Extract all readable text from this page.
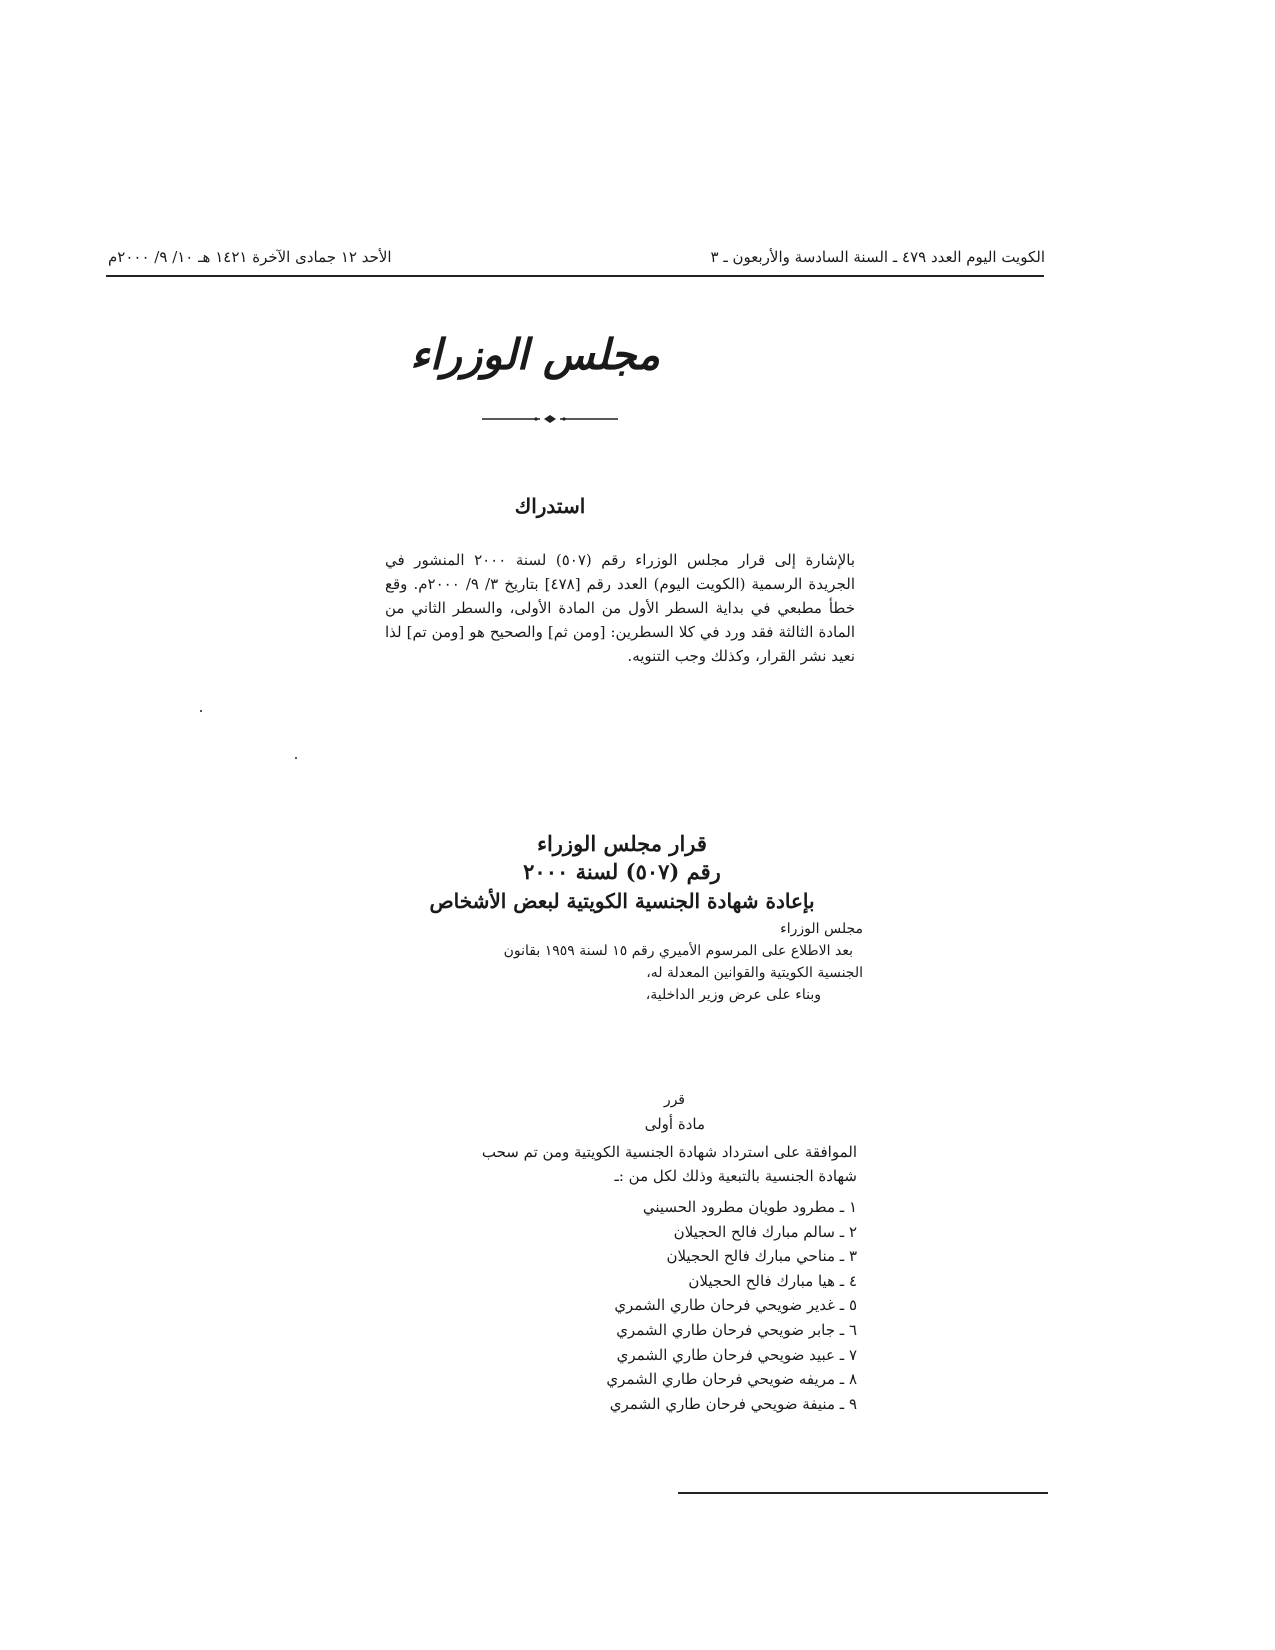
الكويت اليوم العدد ٤٧٩ ـ السنة السادسة والأربعون ـ ٣
الأحد ١٢ جمادى الآخرة ١٤٢١ هـ ١٠/ ٩/ ٢٠٠٠م
مجلس الوزراء
استدراك

بالإشارة إلى قرار مجلس الوزراء رقم (٥٠٧) لسنة ٢٠٠٠ المنشور في الجريدة الرسمية (الكويت اليوم) العدد رقم [٤٧٨] بتاريخ ٣/ ٩/ ٢٠٠٠م. وقع خطأ مطبعي في بداية السطر الأول من المادة الأولى، والسطر الثاني من المادة الثالثة فقد ورد في كلا السطرين: [ومن ثم] والصحيح هو [ومن تم] لذا نعيد نشر القرار، وكذلك وجب التنويه.

قرار مجلس الوزراء
رقم (٥٠٧) لسنة ٢٠٠٠
بإعادة شهادة الجنسية الكويتية لبعض الأشخاص
مجلس الوزراء
بعد الاطلاع على المرسوم الأميري رقم ١٥ لسنة ١٩٥٩ بقانون
الجنسية الكويتية والقوانين المعدلة له،
وبناء على عرض وزير الداخلية،
قرر
مادة أولى
الموافقة على استرداد شهادة الجنسية الكويتية ومن تم سحب
شهادة الجنسية بالتبعية وذلك لكل من :ـ
١ ـ مطرود طويان مطرود الحسيني
٢ ـ سالم مبارك فالح الحجيلان
٣ ـ مناحي مبارك فالح الحجيلان
٤ ـ هيا مبارك فالح الحجيلان
٥ ـ غدير ضويحي فرحان طاري الشمري
٦ ـ جابر ضويحي فرحان طاري الشمري
٧ ـ عبيد ضويحي فرحان طاري الشمري
٨ ـ مريفه ضويحي فرحان طاري الشمري
٩ ـ منيفة ضويحي فرحان طاري الشمري
